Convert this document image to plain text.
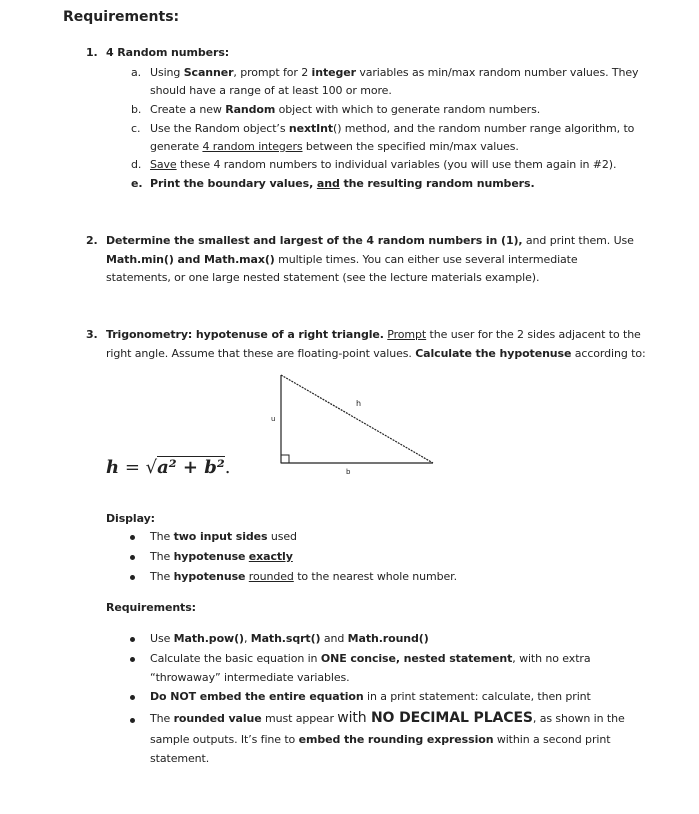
Requirements:
1. 4 Random numbers:
a. Using Scanner, prompt for 2 integer variables as min/max random number values. They
should have a range of at least 100 or more.
b. Create a new Random object with which to generate random numbers.
c. Use the Random object’s nextInt() method, and the random number range algorithm, to
generate 4 random integers between the specified min/max values.
d. Save these 4 random numbers to individual variables (you will use them again in #2).
e. Print the boundary values, and the resulting random numbers.
2. Determine the smallest and largest of the 4 random numbers in (1), and print them. Use
Math.min() and Math.max() multiple times. You can either use several intermediate
statements, or one large nested statement (see the lecture materials example).
3. Trigonometry: hypotenuse of a right triangle. Prompt the user for the 2 sides adjacent to the
right angle. Assume that these are floating-point values. Calculate the hypotenuse according to:
h
u
b
h = √a² + b².
Display:
The two input sides used
The hypotenuse exactly
The hypotenuse rounded to the nearest whole number.
Requirements:
Use Math.pow(), Math.sqrt() and Math.round()
Calculate the basic equation in ONE concise, nested statement, with no extra
“throwaway” intermediate variables.
Do NOT embed the entire equation in a print statement: calculate, then print
The rounded value must appear with NO DECIMAL PLACES, as shown in the
sample outputs. It’s fine to embed the rounding expression within a second print
statement.
